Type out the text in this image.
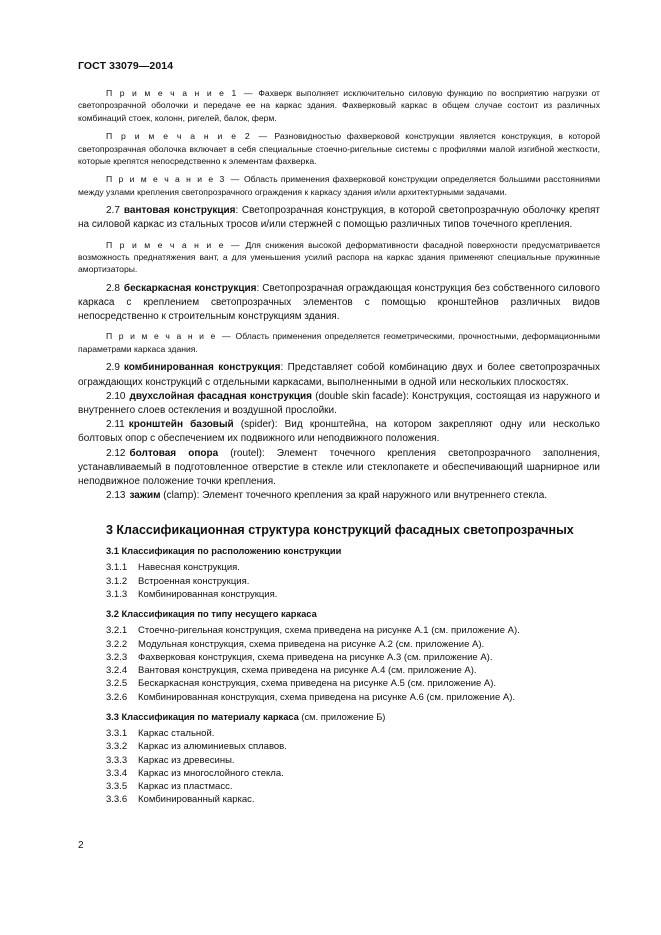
ГОСТ 33079—2014

П р и м е ч а н и е 1 — Фахверк выполняет исключительно силовую функцию по восприятию нагрузки от светопрозрачной оболочки и передаче ее на каркас здания. Фахверковый каркас в общем случае состоит из различных комбинаций стоек, колонн, ригелей, балок, ферм.

П р и м е ч а н и е 2 — Разновидностью фахверковой конструкции является конструкция, в которой светопрозрачная оболочка включает в себя специальные стоечно-ригельные системы с профилями малой изгибной жесткости, которые крепятся непосредственно к элементам фахверка.

П р и м е ч а н и е 3 — Область применения фахверковой конструкции определяется большими расстояниями между узлами крепления светопрозрачного ограждения к каркасу здания и/или архитектурными задачами.

2.7 вантовая конструкция: Светопрозрачная конструкция, в которой светопрозрачную оболочку крепят на силовой каркас из стальных тросов и/или стержней с помощью различных типов точечного крепления.

П р и м е ч а н и е — Для снижения высокой деформативности фасадной поверхности предусматривается возможность преднатяжения вант, а для уменьшения усилий распора на каркас здания применяют специальные пружинные амортизаторы.

2.8 бескаркасная конструкция: Светопрозрачная ограждающая конструкция без собственного силового каркаса с креплением светопрозрачных элементов с помощью кронштейнов различных видов непосредственно к строительным конструкциям здания.

П р и м е ч а н и е — Область применения определяется геометрическими, прочностными, деформационными параметрами каркаса здания.

2.9 комбинированная конструкция: Представляет собой комбинацию двух и более светопрозрачных ограждающих конструкций с отдельными каркасами, выполненными в одной или нескольких плоскостях.

2.10 двухслойная фасадная конструкция (double skin facade): Конструкция, состоящая из наружного и внутреннего слоев остекления и воздушной прослойки.

2.11 кронштейн базовый (spider): Вид кронштейна, на котором закрепляют одну или несколько болтовых опор с обеспечением их подвижного или неподвижного положения.

2.12 болтовая опора (routel): Элемент точечного крепления светопрозрачного заполнения, устанавливаемый в подготовленное отверстие в стекле или стеклопакете и обеспечивающий шарнирное или неподвижное положение точки крепления.

2.13 зажим (clamp): Элемент точечного крепления за край наружного или внутреннего стекла.

3 Классификационная структура конструкций фасадных светопрозрачных
3.1 Классификация по расположению конструкции
3.1.1 Навесная конструкция.
3.1.2 Встроенная конструкция.
3.1.3 Комбинированная конструкция.
3.2 Классификация по типу несущего каркаса
3.2.1 Стоечно-ригельная конструкция, схема приведена на рисунке А.1 (см. приложение А).
3.2.2 Модульная конструкция, схема приведена на рисунке А.2 (см. приложение А).
3.2.3 Фахверковая конструкция, схема приведена на рисунке А.3 (см. приложение А).
3.2.4 Вантовая конструкция, схема приведена на рисунке А.4 (см. приложение А).
3.2.5 Бескаркасная конструкция, схема приведена на рисунке А.5 (см. приложение А).
3.2.6 Комбинированная конструкция, схема приведена на рисунке А.6 (см. приложение А).
3.3 Классификация по материалу каркаса (см. приложение Б)
3.3.1 Каркас стальной.
3.3.2 Каркас из алюминиевых сплавов.
3.3.3 Каркас из древесины.
3.3.4 Каркас из многослойного стекла.
3.3.5 Каркас из пластмасс.
3.3.6 Комбинированный каркас.
2
